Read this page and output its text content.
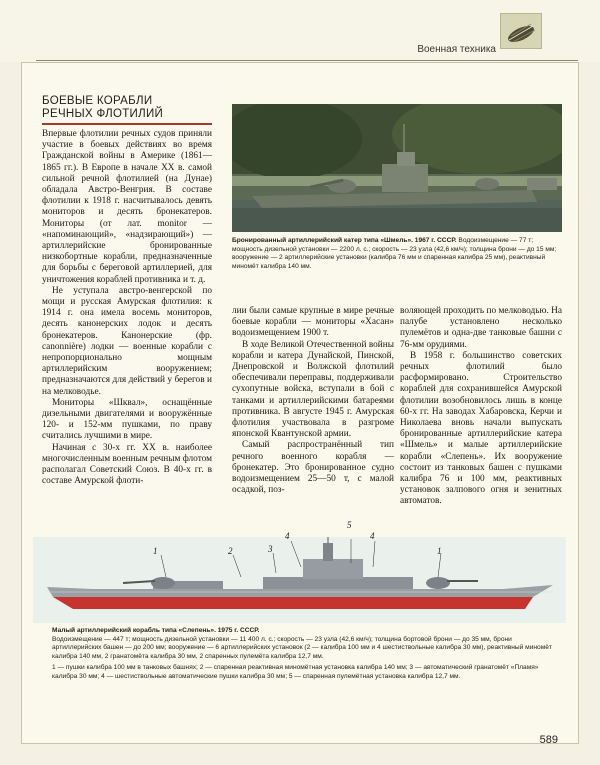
Военная техника
БОЕВЫЕ КОРАБЛИ
РЕЧНЫХ ФЛОТИЛИЙ

Впервые флотилии речных судов приняли участие в боевых действиях во время Гражданской войны в Америке (1861—1865 гг.). В Европе в начале XX в. самой сильной речной флотилией (на Дунае) обладала Австро-Венгрия. В составе флотилии к 1918 г. насчитывалось девять мониторов и десять бронекатеров. Мониторы (от лат. monitor — «напоминающий», «надзирающий») — артиллерийские бронированные низкобортные корабли, предназначенные для борьбы с береговой артиллерией, для уничтожения кораблей противника и т. д.

Не уступала австро-венгерской по мощи и русская Амурская флотилия: к 1914 г. она имела восемь мониторов, десять канонерских лодок и десять бронекатеров. Канонерские (фр. canonnière) лодки — военные корабли с непропорционально мощным артиллерийским вооружением; предназначаются для действий у берегов и на мелководье.

Мониторы «Шквал», оснащённые дизельными двигателями и вооружённые 120- и 152-мм пушками, по праву считались лучшими в мире.

Начиная с 30-х гг. XX в. наиболее многочисленным военным речным флотом располагал Советский Союз. В 40-х гг. в составе Амурской флоти-

Бронированный артиллерийский катер типа «Шмель». 1967 г. СССР. Водоизмещение — 77 т; мощность дизельной установки — 2200 л. с.; скорость — 23 узла (42,6 км/ч); толщина брони — до 15 мм; вооружение — 2 артиллерийские установки (калибра 76 мм и спаренная калибра 25 мм), реактивный миномёт калибра 140 мм.

лии были самые крупные в мире речные боевые корабли — мониторы «Хасан» водоизмещением 1900 т.

В ходе Великой Отечественной войны корабли и катера Дунайской, Пинской, Днепровской и Волжской флотилий обеспечивали переправы, поддерживали сухопутные войска, вступали в бой с танками и артиллерийскими батареями противника. В августе 1945 г. Амурская флотилия участвовала в разгроме японской Квантунской армии.

Самый распространённый тип речного военного корабля — бронекатер. Это бронированное судно водоизмещением 25—50 т, с малой осадкой, поз-

воляющей проходить по мелководью. На палубе установлено несколько пулемётов и одна-две танковые башни с 76-мм орудиями.

В 1958 г. большинство советских речных флотилий было расформировано. Строительство кораблей для сохранившейся Амурской флотилии возобновилось лишь в конце 60-х гг. На заводах Хабаровска, Керчи и Николаева вновь начали выпускать бронированные артиллерийские катера «Шмель» и малые артиллерийские корабли «Слепень». Их вооружение состоит из танковых башен с пушками калибра 76 и 100 мм, реактивных установок залпового огня и зенитных автоматов.

1	2	3
4
5
4
1
Малый артиллерийский корабль типа «Слепень». 1975 г. СССР.
Водоизмещение — 447 т; мощность дизельной установки — 11 400 л. с.; скорость — 23 узла (42,6 км/ч); толщина бортовой брони — до 35 мм, брони артиллерийских башен — до 200 мм; вооружение — 6 артиллерийских установок (2 — калибра 100 мм и 4 шестиствольные калибра 30 мм), реактивный миномёт калибра 140 мм, 2 гранатомёта калибра 30 мм, 2 спаренных пулемёта калибра 12,7 мм.
1 — пушки калибра 100 мм в танковых башнях; 2 — спаренная реактивная миномётная установка калибра 140 мм; 3 — автоматический гранатомёт «Пламя» калибра 30 мм; 4 — шестиствольные автоматические пушки калибра 30 мм; 5 — спаренная пулемётная установка калибра 12,7 мм.
589
